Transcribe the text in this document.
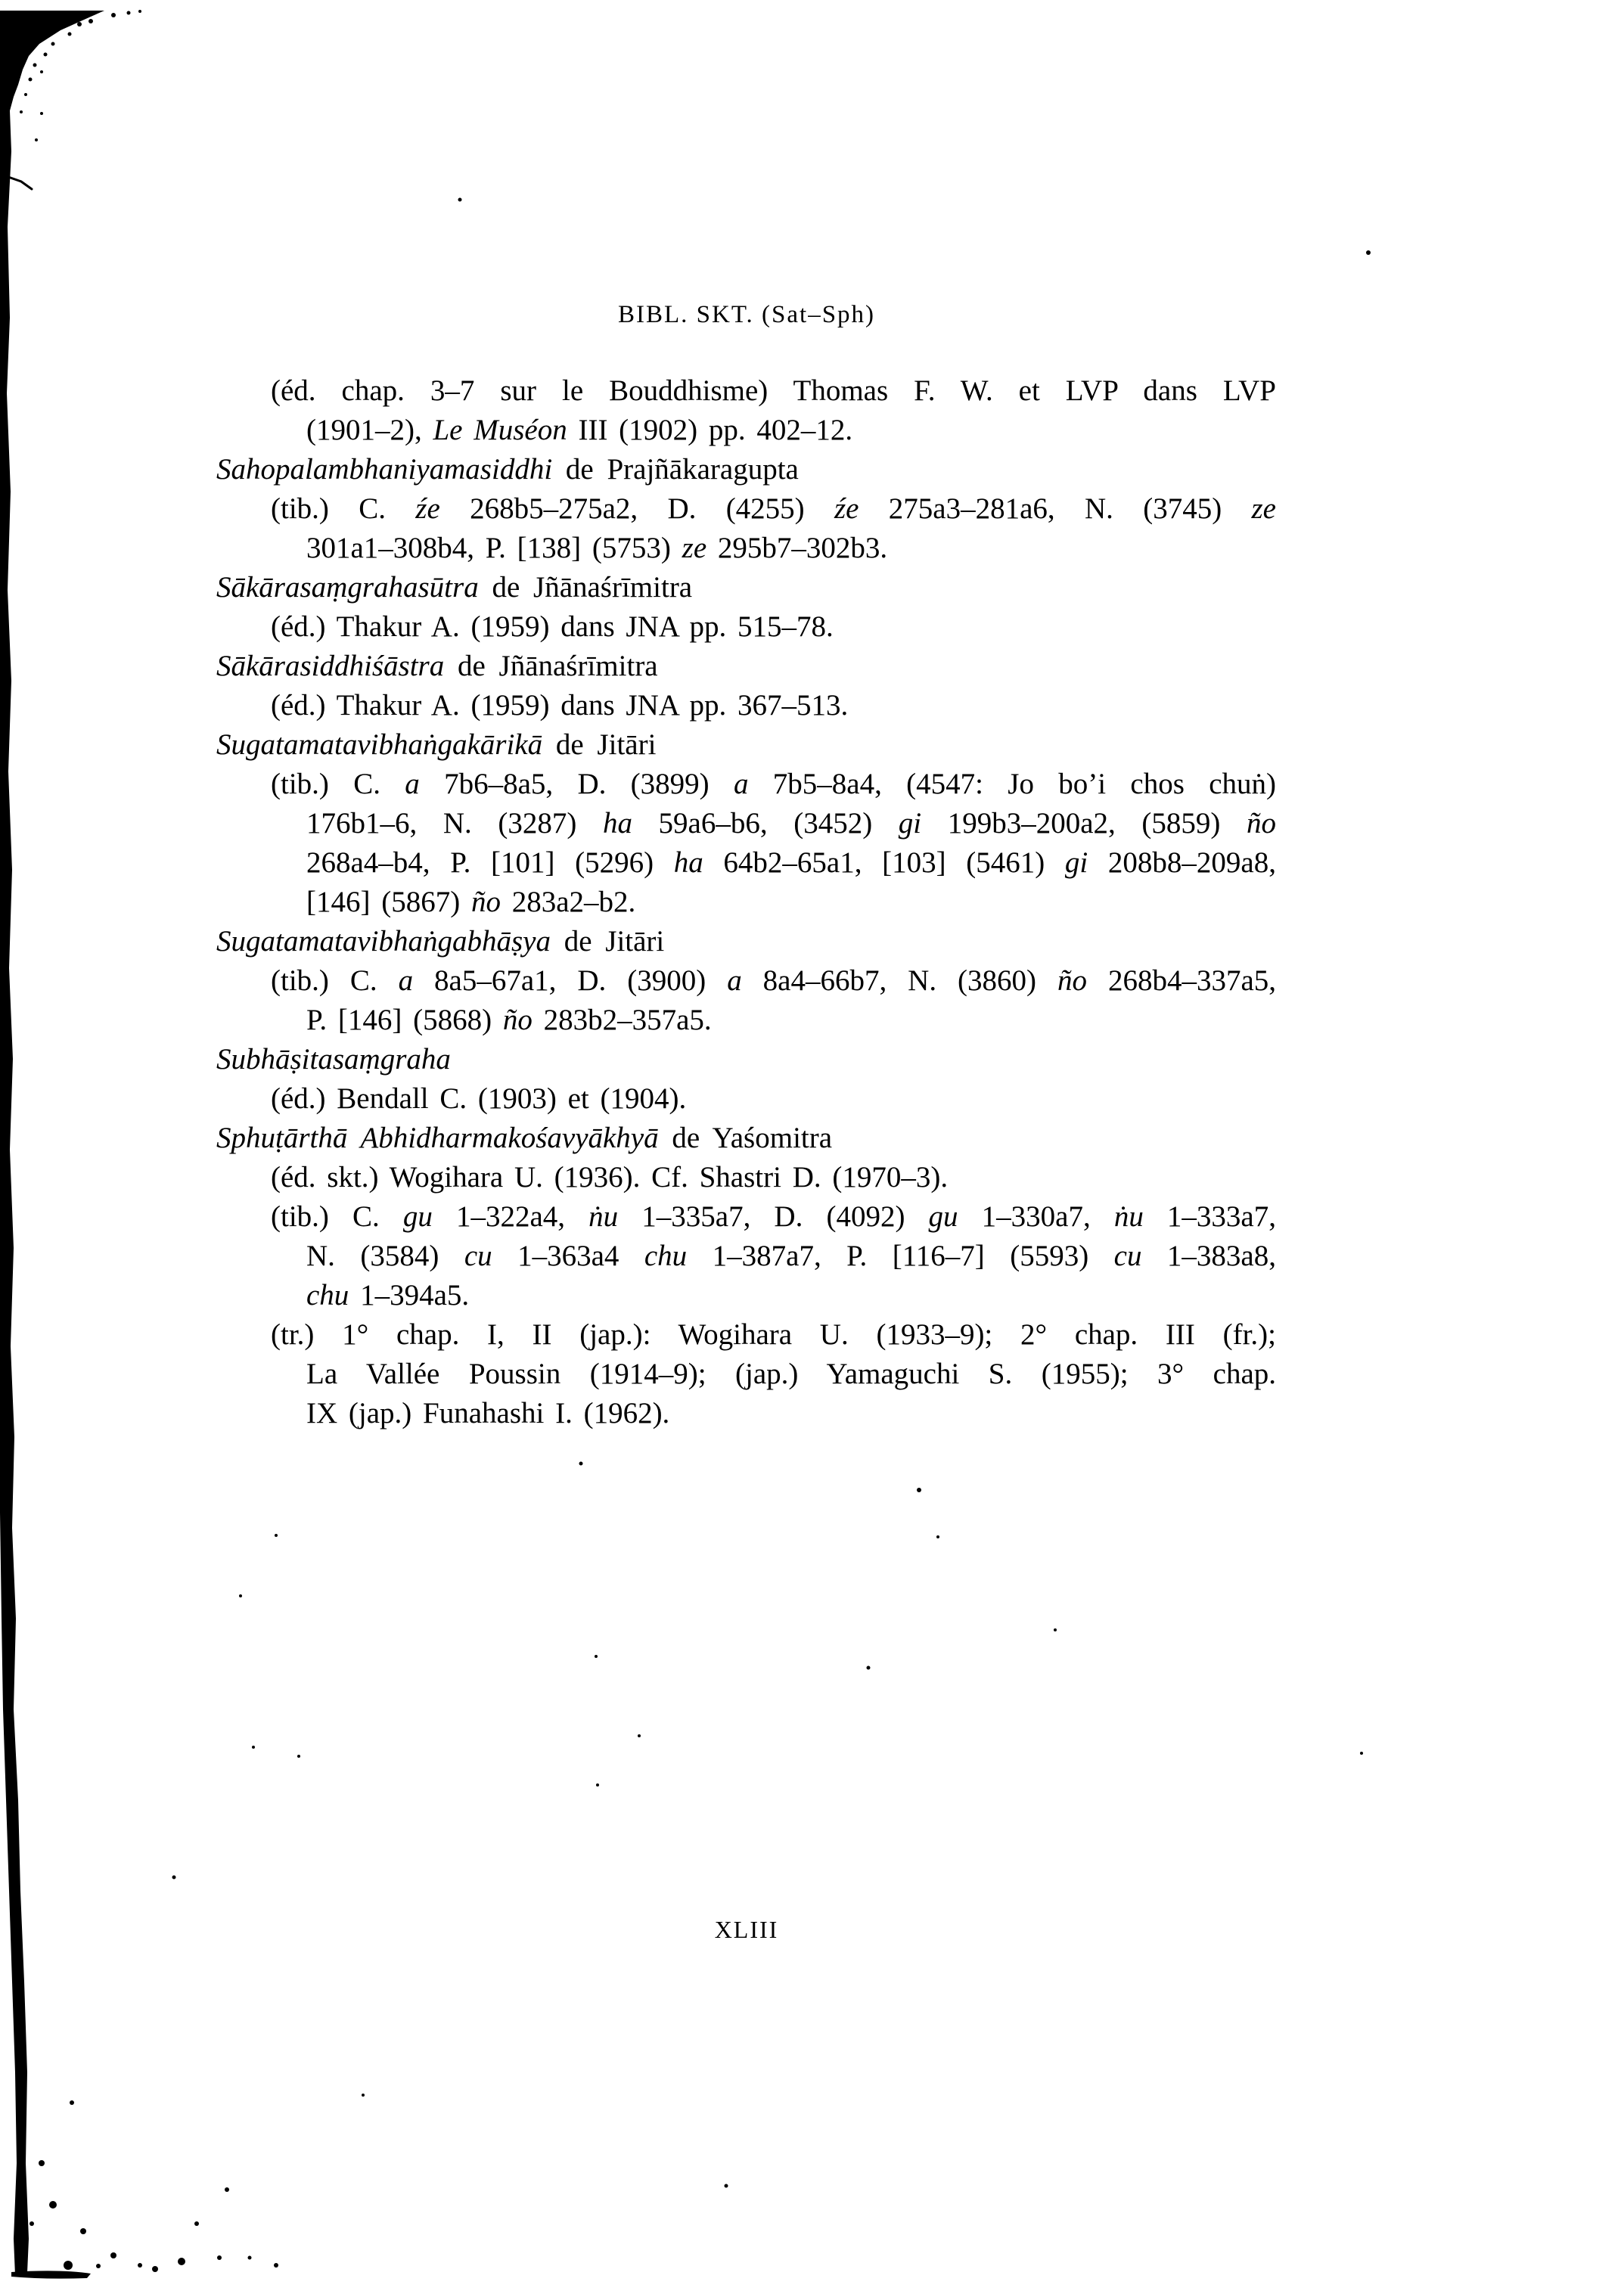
BIBL. SKT. (Sat–Sph)
(éd. chap. 3–7 sur le Bouddhisme) Thomas F. W. et LVP dans LVP
(1901–2), Le Muséon III (1902) pp. 402–12.
Sahopalambhaniyamasiddhi de Prajñākaragupta
(tib.) C. źe 268b5–275a2, D. (4255) źe 275a3–281a6, N. (3745) ze
301a1–308b4, P. [138] (5753) ze 295b7–302b3.
Sākārasaṃgrahasūtra de Jñānaśrīmitra
(éd.) Thakur A. (1959) dans JNA pp. 515–78.
Sākārasiddhiśāstra de Jñānaśrīmitra
(éd.) Thakur A. (1959) dans JNA pp. 367–513.
Sugatamatavibhaṅgakārikā de Jitāri
(tib.) C. a 7b6–8a5, D. (3899) a 7b5–8a4, (4547: Jo bo’i chos chuṅ)
176b1–6, N. (3287) ha 59a6–b6, (3452) gi 199b3–200a2, (5859) ño
268a4–b4, P. [101] (5296) ha 64b2–65a1, [103] (5461) gi 208b8–209a8,
[146] (5867) ño 283a2–b2.
Sugatamatavibhaṅgabhāṣya de Jitāri
(tib.) C. a 8a5–67a1, D. (3900) a 8a4–66b7, N. (3860) ño 268b4–337a5,
P. [146] (5868) ño 283b2–357a5.
Subhāṣitasaṃgraha
(éd.) Bendall C. (1903) et (1904).
Sphuṭārthā Abhidharmakośavyākhyā de Yaśomitra
(éd. skt.) Wogihara U. (1936). Cf. Shastri D. (1970–3).
(tib.) C. gu 1–322a4, ṅu 1–335a7, D. (4092) gu 1–330a7, ṅu 1–333a7,
N. (3584) cu 1–363a4 chu 1–387a7, P. [116–7] (5593) cu 1–383a8,
chu 1–394a5.
(tr.) 1° chap. I, II (jap.): Wogihara U. (1933–9); 2° chap. III (fr.);
La Vallée Poussin (1914–9); (jap.) Yamaguchi S. (1955); 3° chap.
IX (jap.) Funahashi I. (1962).
XLIII
